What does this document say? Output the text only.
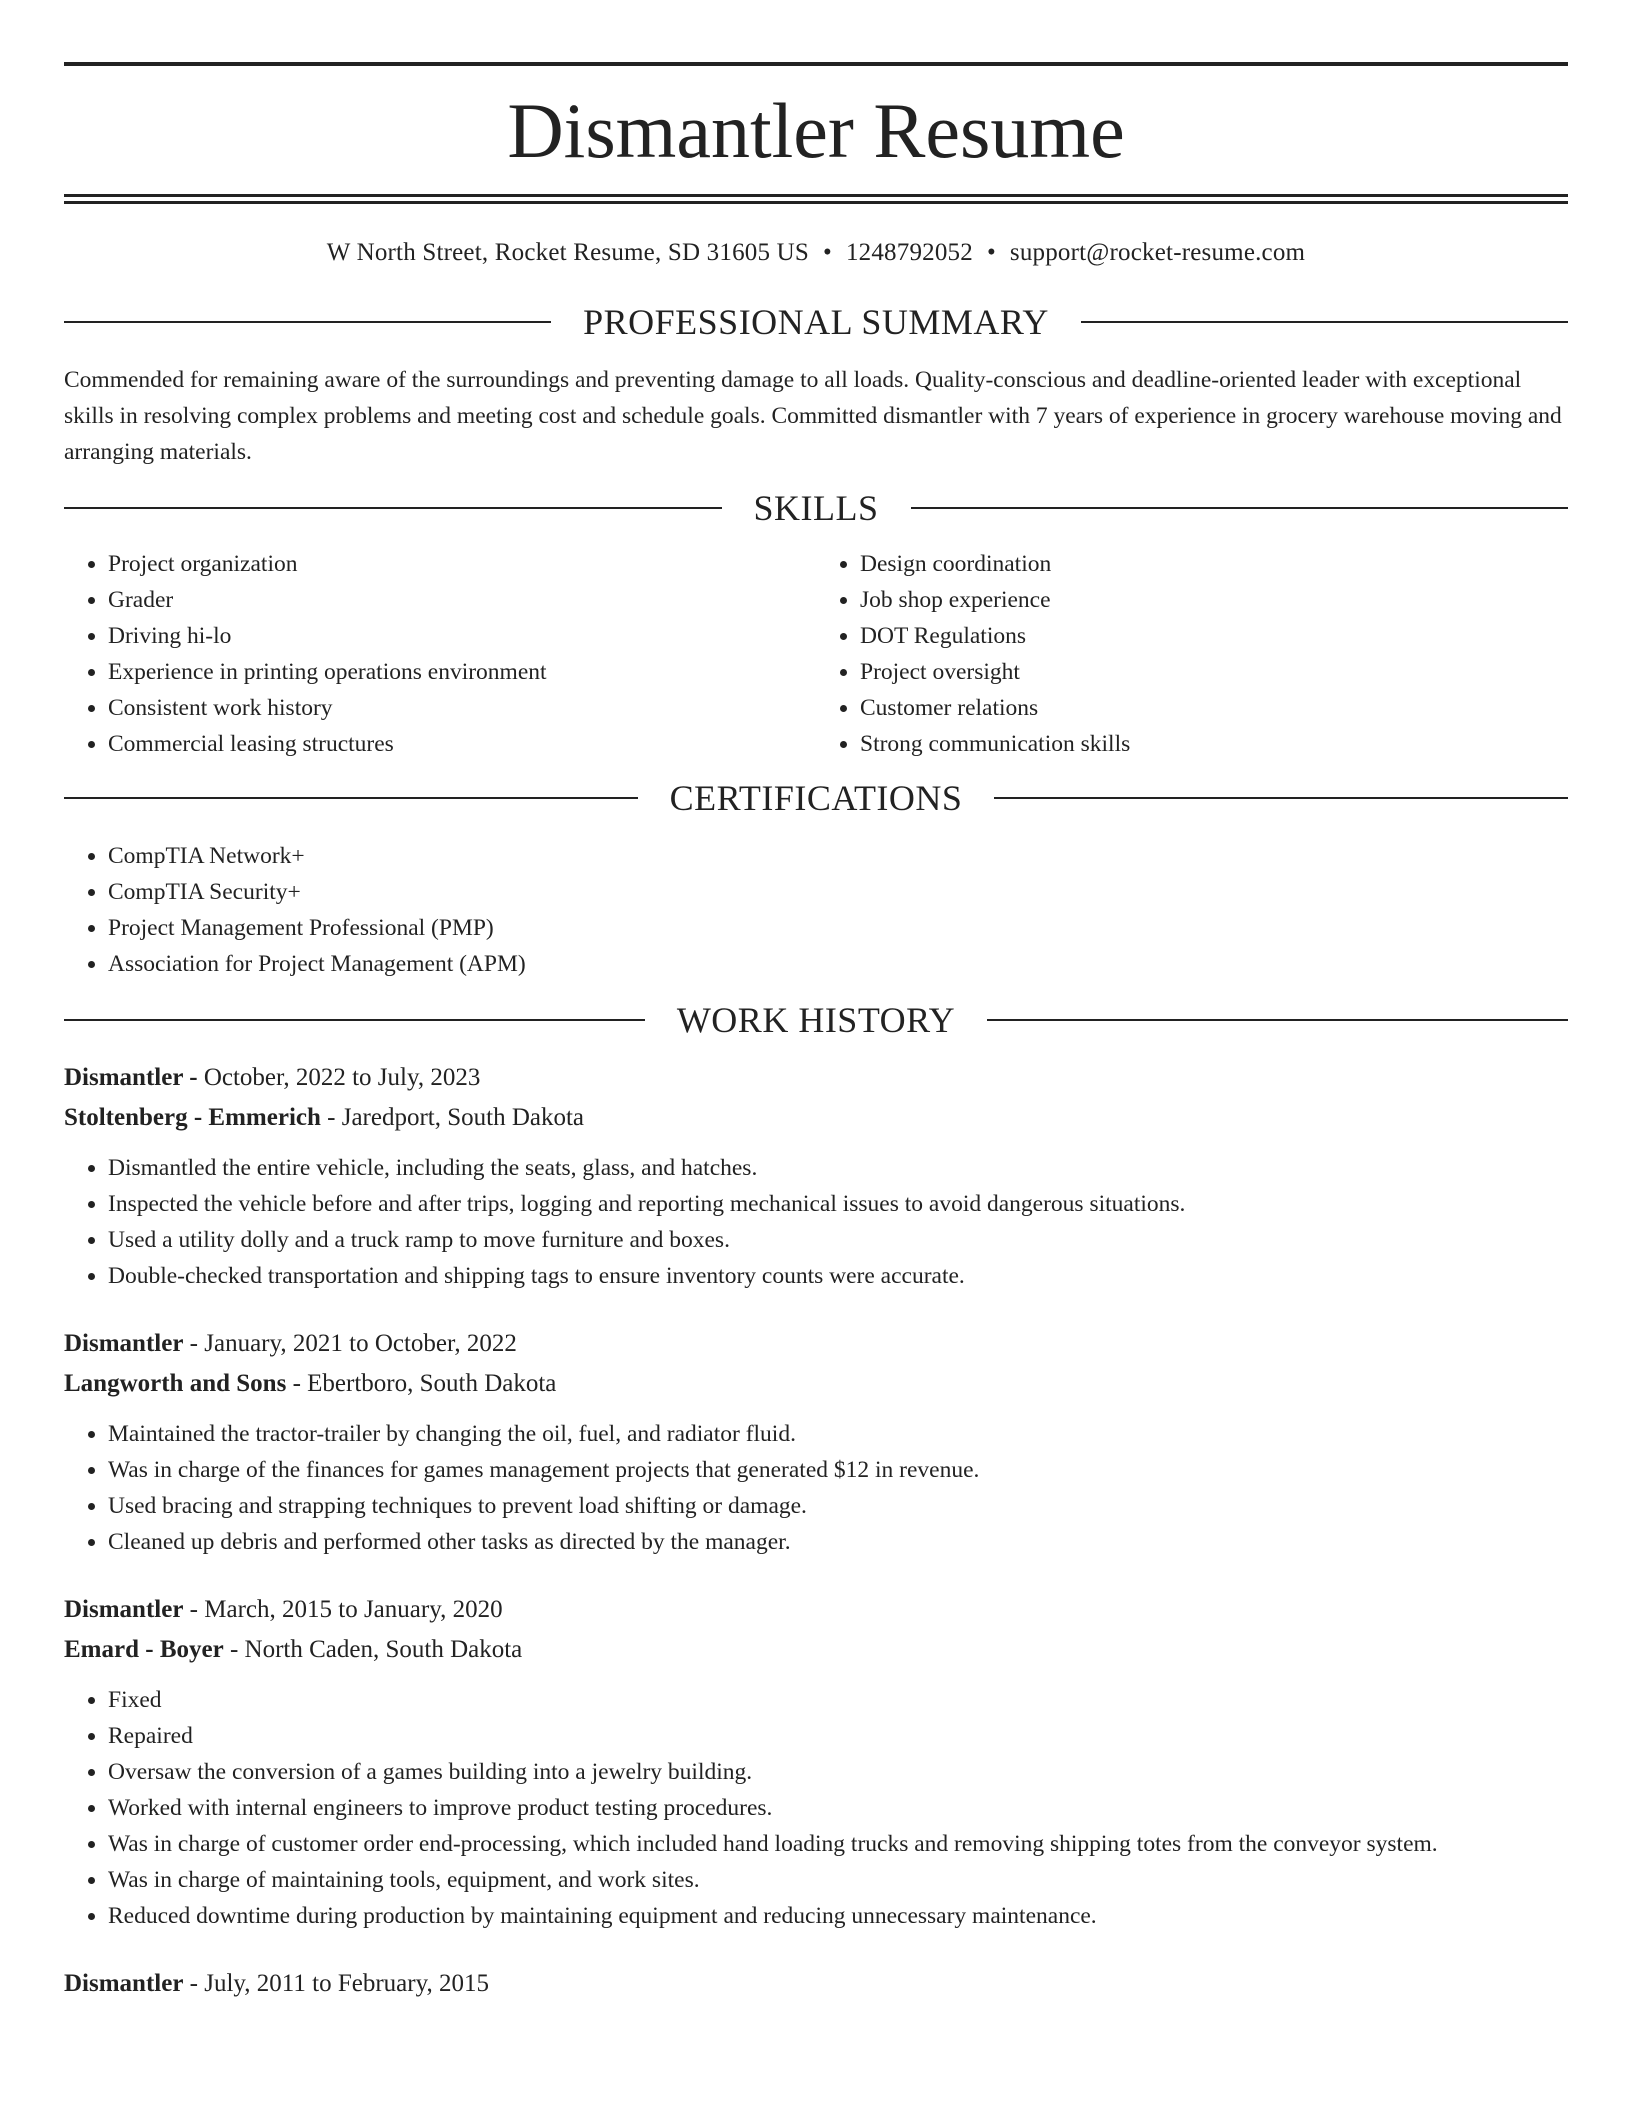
Dismantler Resume
W North Street, Rocket Resume, SD 31605 US • 1248792052 • support@rocket-resume.com
PROFESSIONAL SUMMARY

Commended for remaining aware of the surroundings and preventing damage to all loads. Quality-conscious and deadline-oriented leader with exceptional skills in resolving complex problems and meeting cost and schedule goals. Committed dismantler with 7 years of experience in grocery warehouse moving and arranging materials.

SKILLS
• Project organization
• Grader
• Driving hi-lo
• Experience in printing operations environment
• Consistent work history
• Commercial leasing structures
• Design coordination
• Job shop experience
• DOT Regulations
• Project oversight
• Customer relations
• Strong communication skills
CERTIFICATIONS
• CompTIA Network+
• CompTIA Security+
• Project Management Professional (PMP)
• Association for Project Management (APM)
WORK HISTORY
Dismantler - October, 2022 to July, 2023
Stoltenberg - Emmerich - Jaredport, South Dakota
• Dismantled the entire vehicle, including the seats, glass, and hatches.
• Inspected the vehicle before and after trips, logging and reporting mechanical issues to avoid dangerous situations.
• Used a utility dolly and a truck ramp to move furniture and boxes.
• Double-checked transportation and shipping tags to ensure inventory counts were accurate.
Dismantler - January, 2021 to October, 2022
Langworth and Sons - Ebertboro, South Dakota
• Maintained the tractor-trailer by changing the oil, fuel, and radiator fluid.
• Was in charge of the finances for games management projects that generated $12 in revenue.
• Used bracing and strapping techniques to prevent load shifting or damage.
• Cleaned up debris and performed other tasks as directed by the manager.
Dismantler - March, 2015 to January, 2020
Emard - Boyer - North Caden, South Dakota
• Fixed
• Repaired
• Oversaw the conversion of a games building into a jewelry building.
• Worked with internal engineers to improve product testing procedures.
• Was in charge of customer order end-processing, which included hand loading trucks and removing shipping totes from the conveyor system.
• Was in charge of maintaining tools, equipment, and work sites.
• Reduced downtime during production by maintaining equipment and reducing unnecessary maintenance.
Dismantler - July, 2011 to February, 2015
